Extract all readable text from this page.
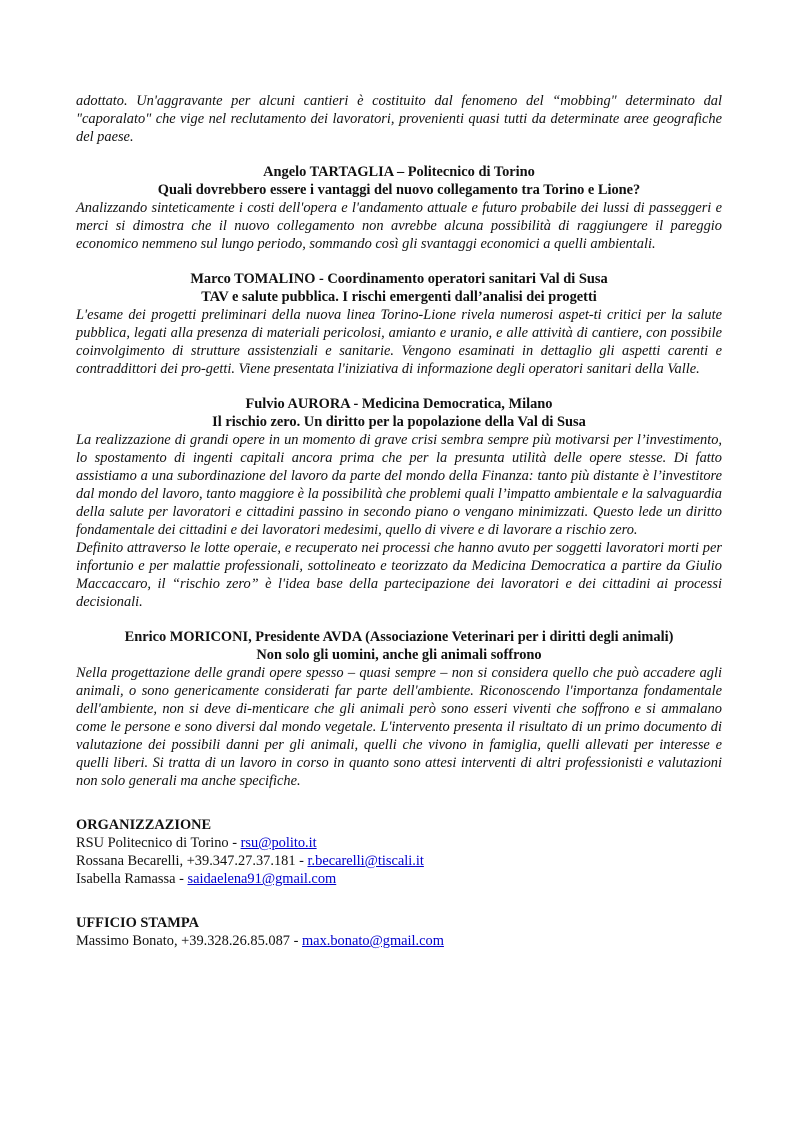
adottato. Un'aggravante per alcuni cantieri è costituito dal fenomeno del “mobbing" determinato dal "caporalato" che vige nel reclutamento dei lavoratori, provenienti quasi tutti da determinate aree geografiche del paese.

Angelo TARTAGLIA – Politecnico di Torino

Quali dovrebbero essere i vantaggi del nuovo collegamento tra Torino e Lione?

Analizzando sinteticamente i costi dell'opera e l'andamento attuale e futuro probabile dei lussi di passeggeri e merci si dimostra che il nuovo collegamento non avrebbe alcuna possibilità di raggiungere il pareggio economico nemmeno sul lungo periodo, sommando così gli svantaggi economici a quelli ambientali.

Marco TOMALINO - Coordinamento operatori sanitari Val di Susa

TAV e salute pubblica. I rischi emergenti dall’analisi dei progetti

L'esame dei progetti preliminari della nuova linea Torino-Lione rivela numerosi aspet-ti critici per la salute pubblica, legati alla presenza di materiali pericolosi, amianto e uranio, e alle attività di cantiere, con possibile coinvolgimento di strutture assistenziali e sanitarie. Vengono esaminati in dettaglio gli aspetti carenti e contraddittori dei pro-getti. Viene presentata l'iniziativa di informazione degli operatori sanitari della Valle.

Fulvio AURORA - Medicina Democratica, Milano

Il rischio zero. Un diritto per la popolazione della Val di Susa

La realizzazione di grandi opere in un momento di grave crisi sembra sempre più motivarsi per l’investimento, lo spostamento di ingenti capitali ancora prima che per la presunta utilità delle opere stesse. Di fatto assistiamo a una subordinazione del lavoro da parte del mondo della Finanza: tanto più distante è l’investitore dal mondo del lavoro, tanto maggiore è la possibilità che problemi quali l’impatto ambientale e la salvaguardia della salute per lavoratori e cittadini passino in secondo piano o vengano minimizzati. Questo lede un diritto fondamentale dei cittadini e dei lavoratori medesimi, quello di vivere e di lavorare a rischio zero.

Definito attraverso le lotte operaie, e recuperato nei processi che hanno avuto per soggetti lavoratori morti per infortunio e per malattie professionali, sottolineato e teorizzato da Medicina Democratica a partire da Giulio Maccaccaro, il “rischio zero” è l'idea base della partecipazione dei lavoratori e dei cittadini ai processi decisionali.

Enrico MORICONI, Presidente AVDA (Associazione Veterinari per i diritti degli animali)

Non solo gli uomini, anche gli animali soffrono

Nella progettazione delle grandi opere spesso – quasi sempre – non si considera quello che può accadere agli animali, o sono genericamente considerati far parte dell'ambiente. Riconoscendo l'importanza fondamentale dell'ambiente, non si deve di-menticare che gli animali però sono esseri viventi che soffrono e si ammalano come le persone e sono diversi dal mondo vegetale. L'intervento presenta il risultato di un primo documento di valutazione dei possibili danni per gli animali, quelli che vivono in famiglia, quelli allevati per interesse e quelli liberi. Si tratta di un lavoro in corso in quanto sono attesi interventi di altri professionisti e valutazioni non solo generali ma anche specifiche.

ORGANIZZAZIONE

RSU Politecnico di Torino - rsu@polito.it

Rossana Becarelli, +39.347.27.37.181 - r.becarelli@tiscali.it

Isabella Ramassa - saidaelena91@gmail.com

UFFICIO STAMPA

Massimo Bonato, +39.328.26.85.087 - max.bonato@gmail.com
